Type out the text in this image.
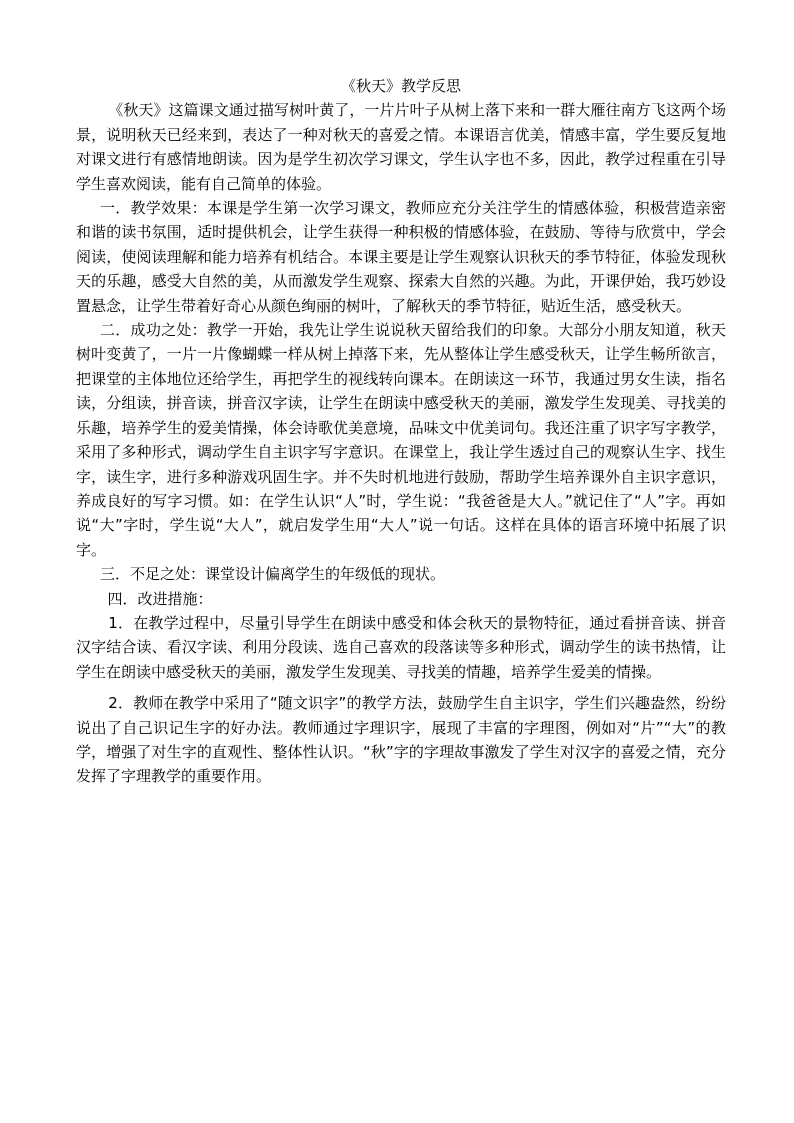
《秋天》教学反思

《秋天》这篇课文通过描写树叶黄了，一片片叶子从树上落下来和一群大雁往南方飞这两个场景，说明秋天已经来到，表达了一种对秋天的喜爱之情。本课语言优美，情感丰富，学生要反复地对课文进行有感情地朗读。因为是学生初次学习课文，学生认字也不多，因此，教学过程重在引导学生喜欢阅读，能有自己简单的体验。

一．教学效果：本课是学生第一次学习课文，教师应充分关注学生的情感体验，积极营造亲密和谐的读书氛围，适时提供机会，让学生获得一种积极的情感体验，在鼓励、等待与欣赏中，学会阅读，使阅读理解和能力培养有机结合。本课主要是让学生观察认识秋天的季节特征，体验发现秋天的乐趣，感受大自然的美，从而激发学生观察、探索大自然的兴趣。为此，开课伊始，我巧妙设置悬念，让学生带着好奇心从颜色绚丽的树叶，了解秋天的季节特征，贴近生活，感受秋天。

二．成功之处：教学一开始，我先让学生说说秋天留给我们的印象。大部分小朋友知道，秋天树叶变黄了，一片一片像蝴蝶一样从树上掉落下来，先从整体让学生感受秋天，让学生畅所欲言，把课堂的主体地位还给学生，再把学生的视线转向课本。在朗读这一环节，我通过男女生读，指名读，分组读，拼音读，拼音汉字读，让学生在朗读中感受秋天的美丽，激发学生发现美、寻找美的乐趣，培养学生的爱美情操，体会诗歌优美意境，品味文中优美词句。我还注重了识字写字教学，采用了多种形式，调动学生自主识字写字意识。在课堂上，我让学生透过自己的观察认生字、找生字，读生字，进行多种游戏巩固生字。并不失时机地进行鼓励，帮助学生培养课外自主识字意识，养成良好的写字习惯。如：在学生认识“人”时，学生说：“我爸爸是大人。”就记住了“人”字。再如说“大”字时，学生说“大人”，就启发学生用“大人”说一句话。这样在具体的语言环境中拓展了识字。

三．不足之处：课堂设计偏离学生的年级低的现状。

四．改进措施：

1．在教学过程中，尽量引导学生在朗读中感受和体会秋天的景物特征，通过看拼音读、拼音汉字结合读、看汉字读、利用分段读、选自己喜欢的段落读等多种形式，调动学生的读书热情，让学生在朗读中感受秋天的美丽，激发学生发现美、寻找美的情趣，培养学生爱美的情操。

2．教师在教学中采用了“随文识字”的教学方法，鼓励学生自主识字，学生们兴趣盎然，纷纷说出了自己识记生字的好办法。教师通过字理识字，展现了丰富的字理图，例如对“片”“大”的教学，增强了对生字的直观性、整体性认识。“秋”字的字理故事激发了学生对汉字的喜爱之情，充分发挥了字理教学的重要作用。
